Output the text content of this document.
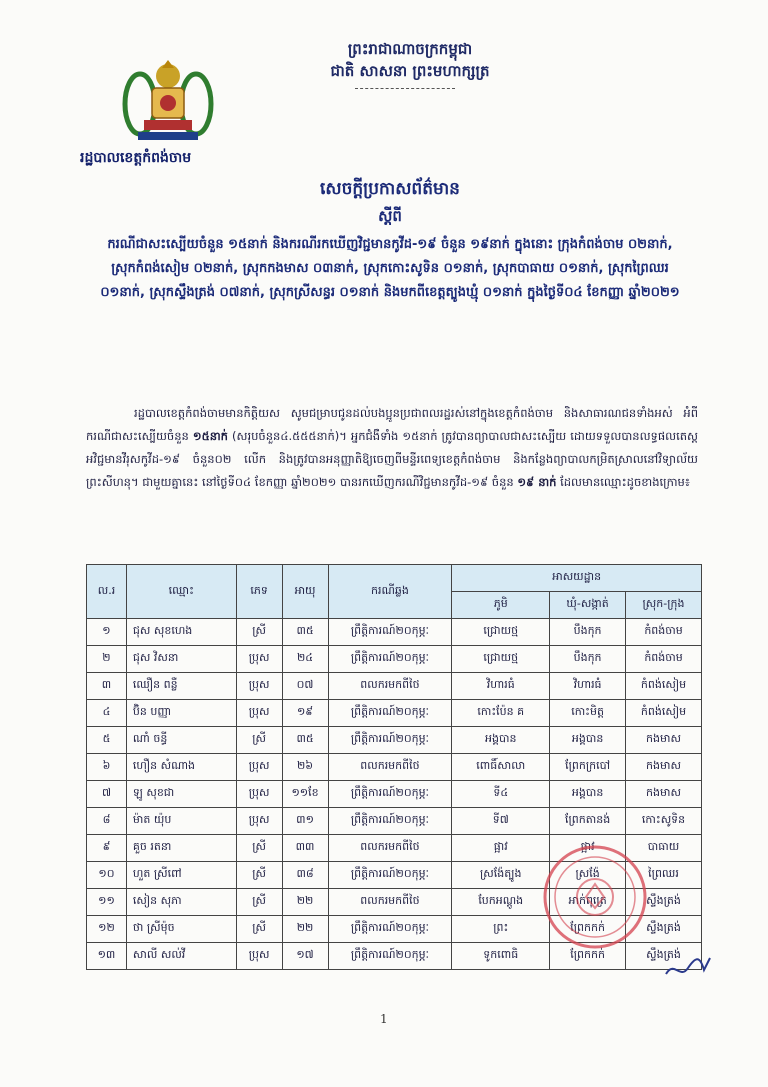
ព្រះរាជាណាចក្រកម្ពុជា
ជាតិ សាសនា ព្រះមហាក្សត្រ
រដ្ឋបាលខេត្តកំពង់ចាម
សេចក្តីប្រកាសព័ត៌មាន
ស្តីពី
ករណីជាសះស្បើយចំនួន ១៥នាក់ និងករណីរកឃើញវិជ្ជមានកូវីដ-១៩ ចំនួន ១៩នាក់ ក្នុងនោះ ក្រុងកំពង់ចាម ០២នាក់, ស្រុកកំពង់សៀម ០២នាក់, ស្រុកកងមាស ០៣នាក់, ស្រុកកោះសូទិន ០១នាក់, ស្រុកបាធាយ ០១នាក់, ស្រុកព្រៃឈរ ០១នាក់, ស្រុកស្ទឹងត្រង់ ០៧នាក់, ស្រុកស្រីសន្ធរ ០១នាក់ និងមកពីខេត្តត្បូងឃ្មុំ ០១នាក់ ក្នុងថ្ងៃទី០៤ ខែកញ្ញា ឆ្នាំ២០២១
រដ្ឋបាលខេត្តកំពង់ចាមមានកិត្តិយស សូមជម្រាបជូនដល់បងប្អូនប្រជាពលរដ្ឋរស់នៅក្នុងខេត្តកំពង់ចាម និងសាធារណជនទាំងអស់ អំពីករណីជាសះស្បើយចំនួន ១៥នាក់ (សរុបចំនួន៤.៥៥៥នាក់)។ អ្នកជំងឺទាំង ១៥នាក់ ត្រូវបានព្យាបាលជាសះស្បើយ ដោយទទួលបានលទ្ធផលតេស្តអវិជ្ជមានវីរុសកូវីដ-១៩ ចំនួន០២ លើក និងត្រូវបានអនុញ្ញាតិឱ្យចេញពីមន្ទីរពេទ្យខេត្តកំពង់ចាម និងកន្លែងព្យាបាលកម្រិតស្រាលនៅវិទ្យាល័យ ព្រះសីហនុ។ ជាមួយគ្នានេះ នៅថ្ងៃទី០៤ ខែកញ្ញា ឆ្នាំ២០២១ បានរកឃើញករណីវិជ្ជមានកូវីដ-១៩ ចំនួន ១៩ នាក់ ដែលមានឈ្មោះដូចខាងក្រោម៖
ល.រ	ឈ្មោះ	ភេទ	អាយុ	ករណីឆ្លង	អាសយដ្ឋាន		
					ភូមិ	ឃុំ-សង្កាត់	ស្រុក-ក្រុង
១	ជុស សុខហេង	ស្រី	៣៥	ព្រឹត្តិការណ៍២០កុម្ភៈ	ជ្រោយថ្ម	បឹងកុក	កំពង់ចាម
២	ជុស វិសនា	ប្រុស	២៤	ព្រឹត្តិការណ៍២០កុម្ភៈ	ជ្រោយថ្ម	បឹងកុក	កំពង់ចាម
៣	ឈឿន ពន្លឺ	ប្រុស	០៧	ពលករមកពីថៃ	វិហារធំ	វិហារធំ	កំពង់សៀម
៤	ប៊ិន បញ្ញា	ប្រុស	១៩	ព្រឹត្តិការណ៍២០កុម្ភៈ	កោះប៉ែន គ	កោះមិត្ត	កំពង់សៀម
៥	ណាំ ចន្ធី	ស្រី	៣៥	ព្រឹត្តិការណ៍២០កុម្ភៈ	អង្គបាន	អង្គបាន	កងមាស
៦	ហឿន សំណាង	ប្រុស	២៦	ពលករមកពីថៃ	ពោធិ៍សាលា	ព្រែកក្របៅ	កងមាស
៧	ឡូ សុខជា	ប្រុស	១១ខែ	ព្រឹត្តិការណ៍២០កុម្ភៈ	ទី៤	អង្គបាន	កងមាស
៨	ម៉ាត យ៉ុប	ប្រុស	៣១	ព្រឹត្តិការណ៍២០កុម្ភៈ	ទី៧	ព្រែកតានង់	កោះសូទិន
៩	គួច រតនា	ស្រី	៣៣	ពលករមកពីថៃ	ផ្អាវ	ផ្អាវ	បាធាយ
១០	ហួត ស្រីពៅ	ស្រី	៣៨	ព្រឹត្តិការណ៍២០កុម្ភៈ	ស្រង៉ែត្បូង	ស្រង៉ែ	ព្រៃឈរ
១១	សៀន សុភា	ស្រី	២២	ពលករមកពីថៃ	បែកអណ្តូង	អាក់ពុត្រេ	ស្ទឹងត្រង់
១២	ថា ស្រីម៉ុច	ស្រី	២២	ព្រឹត្តិការណ៍២០កុម្ភៈ	ព្រះ	ព្រែកកក់	ស្ទឹងត្រង់
១៣	សាលី សល់វី	ប្រុស	១៧	ព្រឹត្តិការណ៍២០កុម្ភៈ	ទូកពោធិ	ព្រែកកក់	ស្ទឹងត្រង់
1
